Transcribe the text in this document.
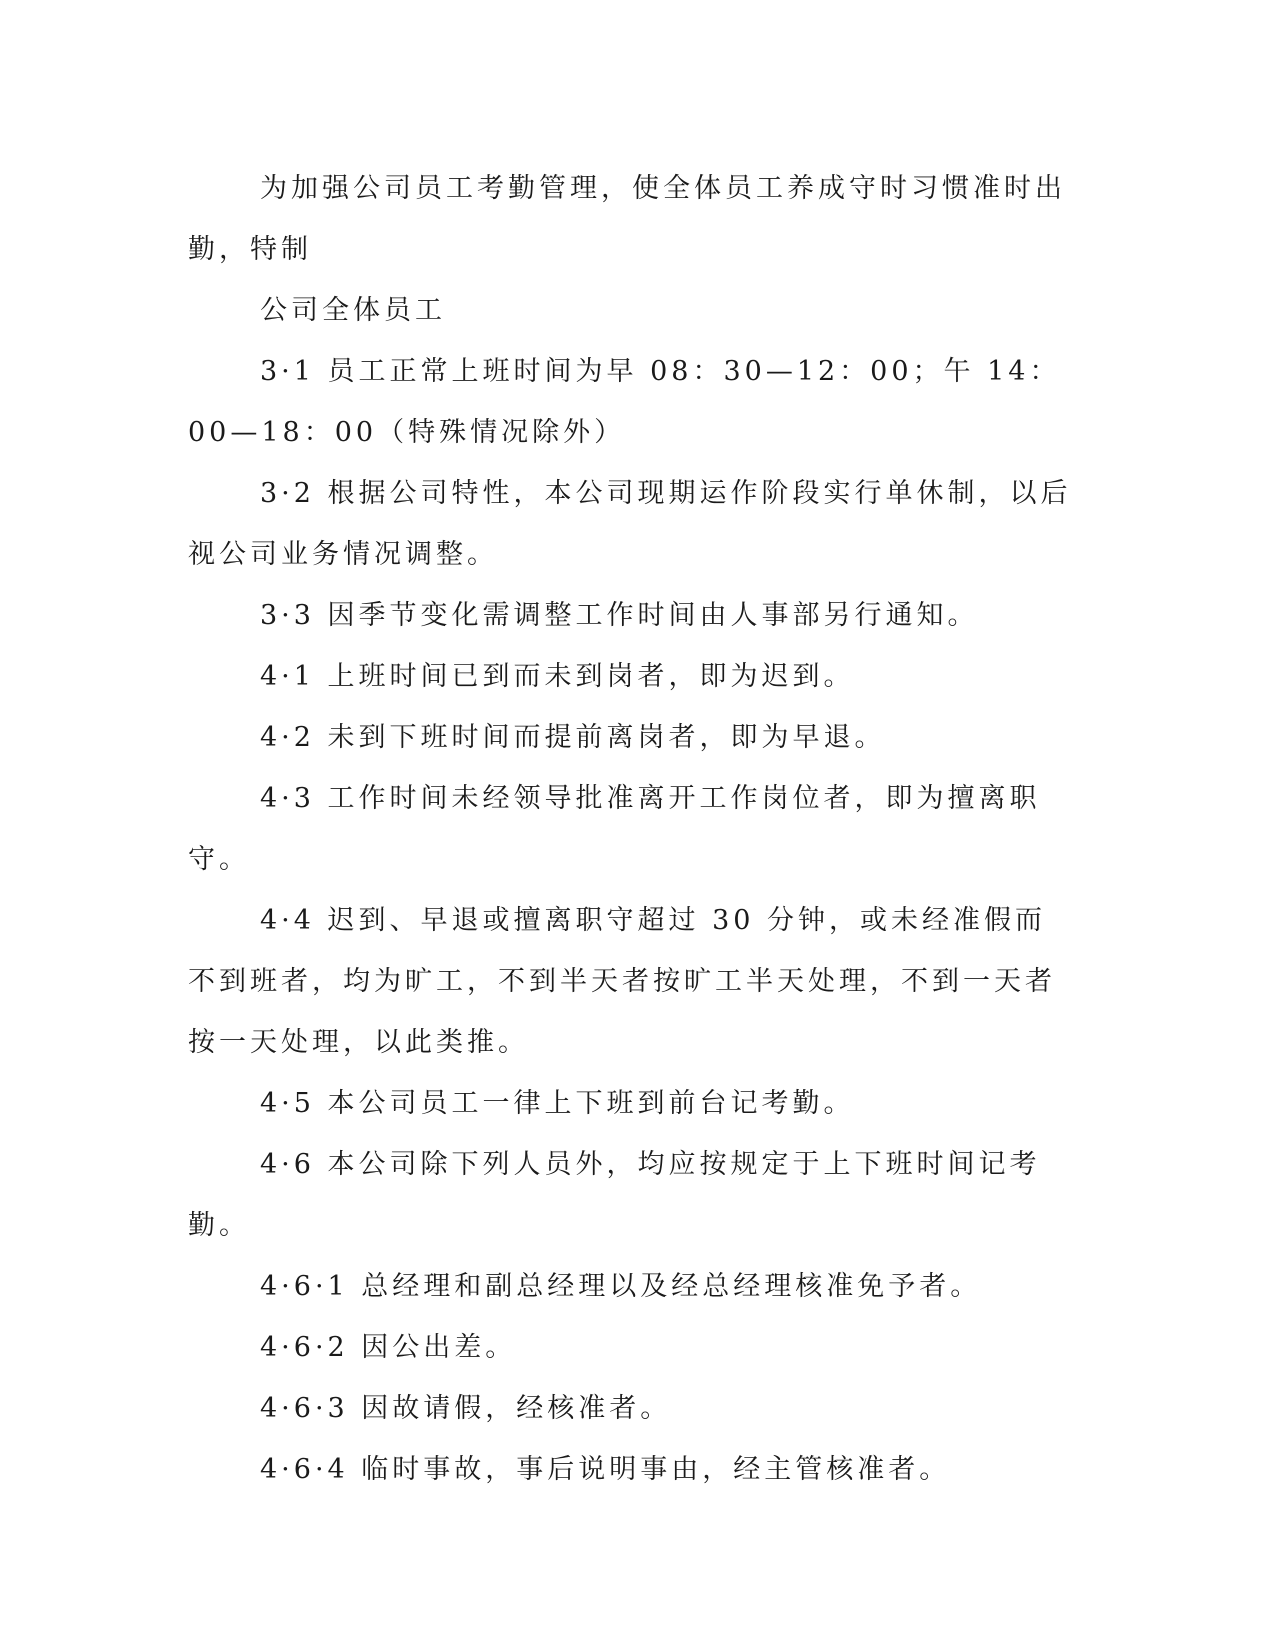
为加强公司员工考勤管理，使全体员工养成守时习惯准时出勤，特制

公司全体员工

3·1 员工正常上班时间为早 08：30—12：00；午 14：00—18：00（特殊情况除外）

3·2 根据公司特性，本公司现期运作阶段实行单休制，以后视公司业务情况调整。

3·3 因季节变化需调整工作时间由人事部另行通知。

4·1 上班时间已到而未到岗者，即为迟到。

4·2 未到下班时间而提前离岗者，即为早退。

4·3 工作时间未经领导批准离开工作岗位者，即为擅离职守。

4·4 迟到、早退或擅离职守超过 30 分钟，或未经准假而不到班者，均为旷工，不到半天者按旷工半天处理，不到一天者按一天处理，以此类推。

4·5 本公司员工一律上下班到前台记考勤。

4·6 本公司除下列人员外，均应按规定于上下班时间记考勤。

4·6·1 总经理和副总经理以及经总经理核准免予者。

4·6·2 因公出差。

4·6·3 因故请假，经核准者。

4·6·4 临时事故，事后说明事由，经主管核准者。
